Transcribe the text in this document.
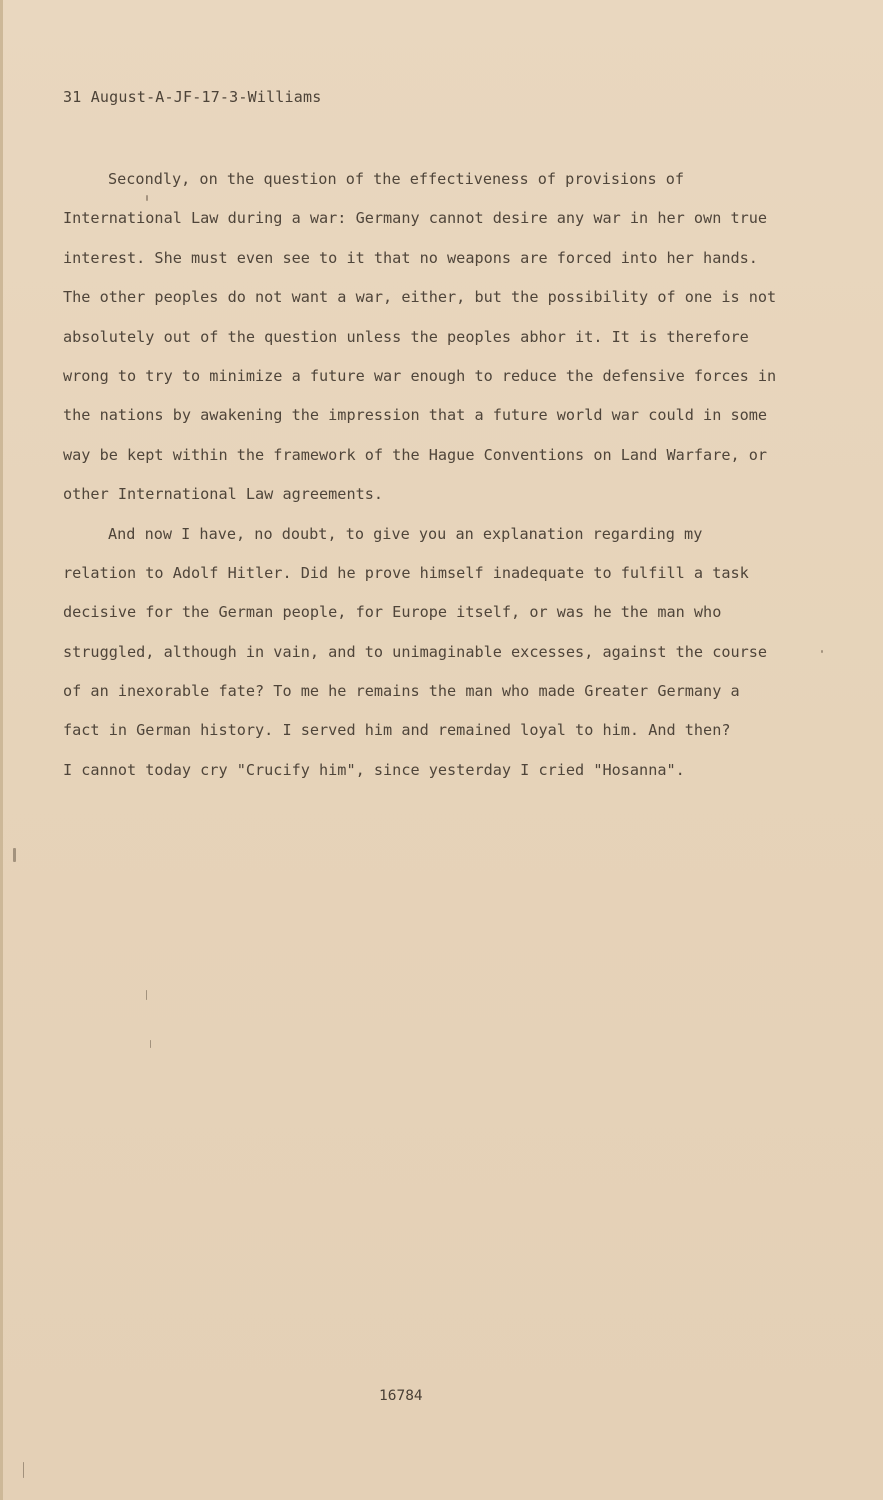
31 August-A-JF-17-3-Williams
Secondly, on the question of the effectiveness of provisions of
International Law during a war: Germany cannot desire any war in her own true
interest. She must even see to it that no weapons are forced into her hands.
The other peoples do not want a war, either, but the possibility of one is not
absolutely out of the question unless the peoples abhor it. It is therefore
wrong to try to minimize a future war enough to reduce the defensive forces in
the nations by awakening the impression that a future world war could in some
way be kept within the framework of the Hague Conventions on Land Warfare, or
other International Law agreements.
And now I have, no doubt, to give you an explanation regarding my
relation to Adolf Hitler. Did he prove himself inadequate to fulfill a task
decisive for the German people, for Europe itself, or was he the man who
struggled, although in vain, and to unimaginable excesses, against the course
of an inexorable fate? To me he remains the man who made Greater Germany a
fact in German history. I served him and remained loyal to him. And then?
I cannot today cry "Crucify him", since yesterday I cried "Hosanna".
16784
